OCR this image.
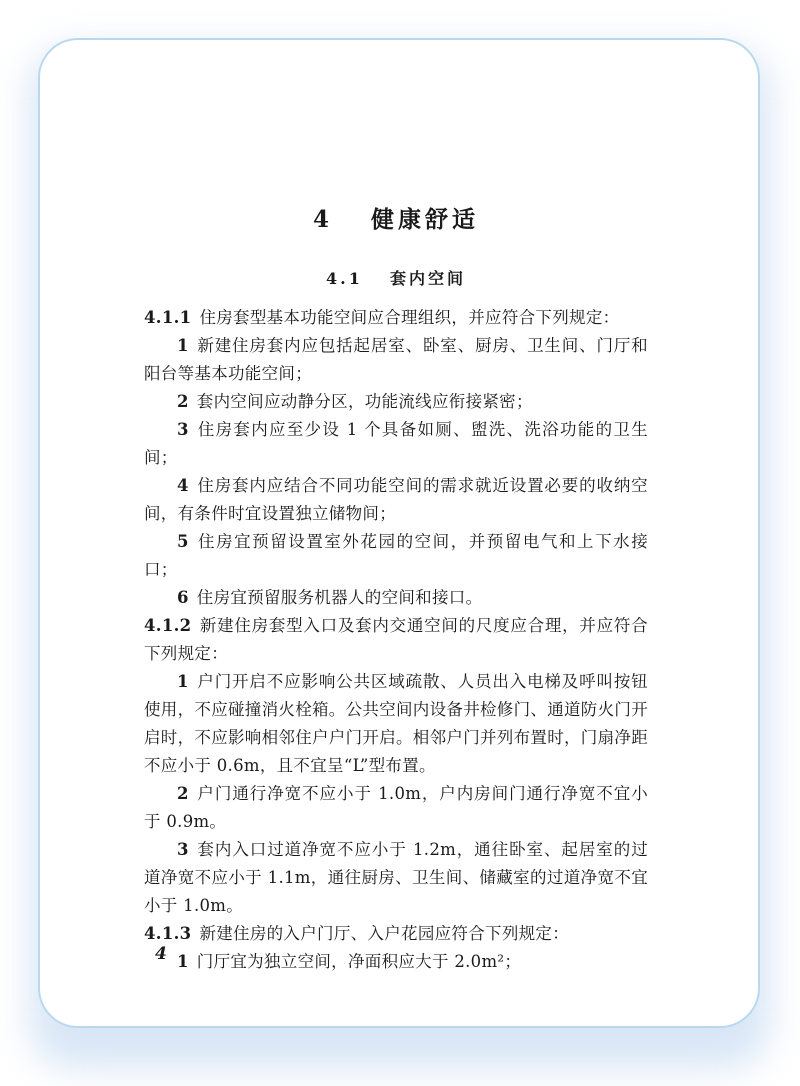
4 健康舒适
4.1 套内空间

4.1.1 住房套型基本功能空间应合理组织，并应符合下列规定：

1 新建住房套内应包括起居室、卧室、厨房、卫生间、门厅和阳台等基本功能空间；

2 套内空间应动静分区，功能流线应衔接紧密；

3 住房套内应至少设 1 个具备如厕、盥洗、洗浴功能的卫生间；

4 住房套内应结合不同功能空间的需求就近设置必要的收纳空间，有条件时宜设置独立储物间；

5 住房宜预留设置室外花园的空间，并预留电气和上下水接口；

6 住房宜预留服务机器人的空间和接口。

4.1.2 新建住房套型入口及套内交通空间的尺度应合理，并应符合下列规定：

1 户门开启不应影响公共区域疏散、人员出入电梯及呼叫按钮使用，不应碰撞消火栓箱。公共空间内设备井检修门、通道防火门开启时，不应影响相邻住户户门开启。相邻户门并列布置时，门扇净距不应小于 0.6m，且不宜呈“L”型布置。

2 户门通行净宽不应小于 1.0m，户内房间门通行净宽不宜小于 0.9m。

3 套内入口过道净宽不应小于 1.2m，通往卧室、起居室的过道净宽不应小于 1.1m，通往厨房、卫生间、储藏室的过道净宽不宜小于 1.0m。

4.1.3 新建住房的入户门厅、入户花园应符合下列规定：

1 门厅宜为独立空间，净面积应大于 2.0m²；

4
